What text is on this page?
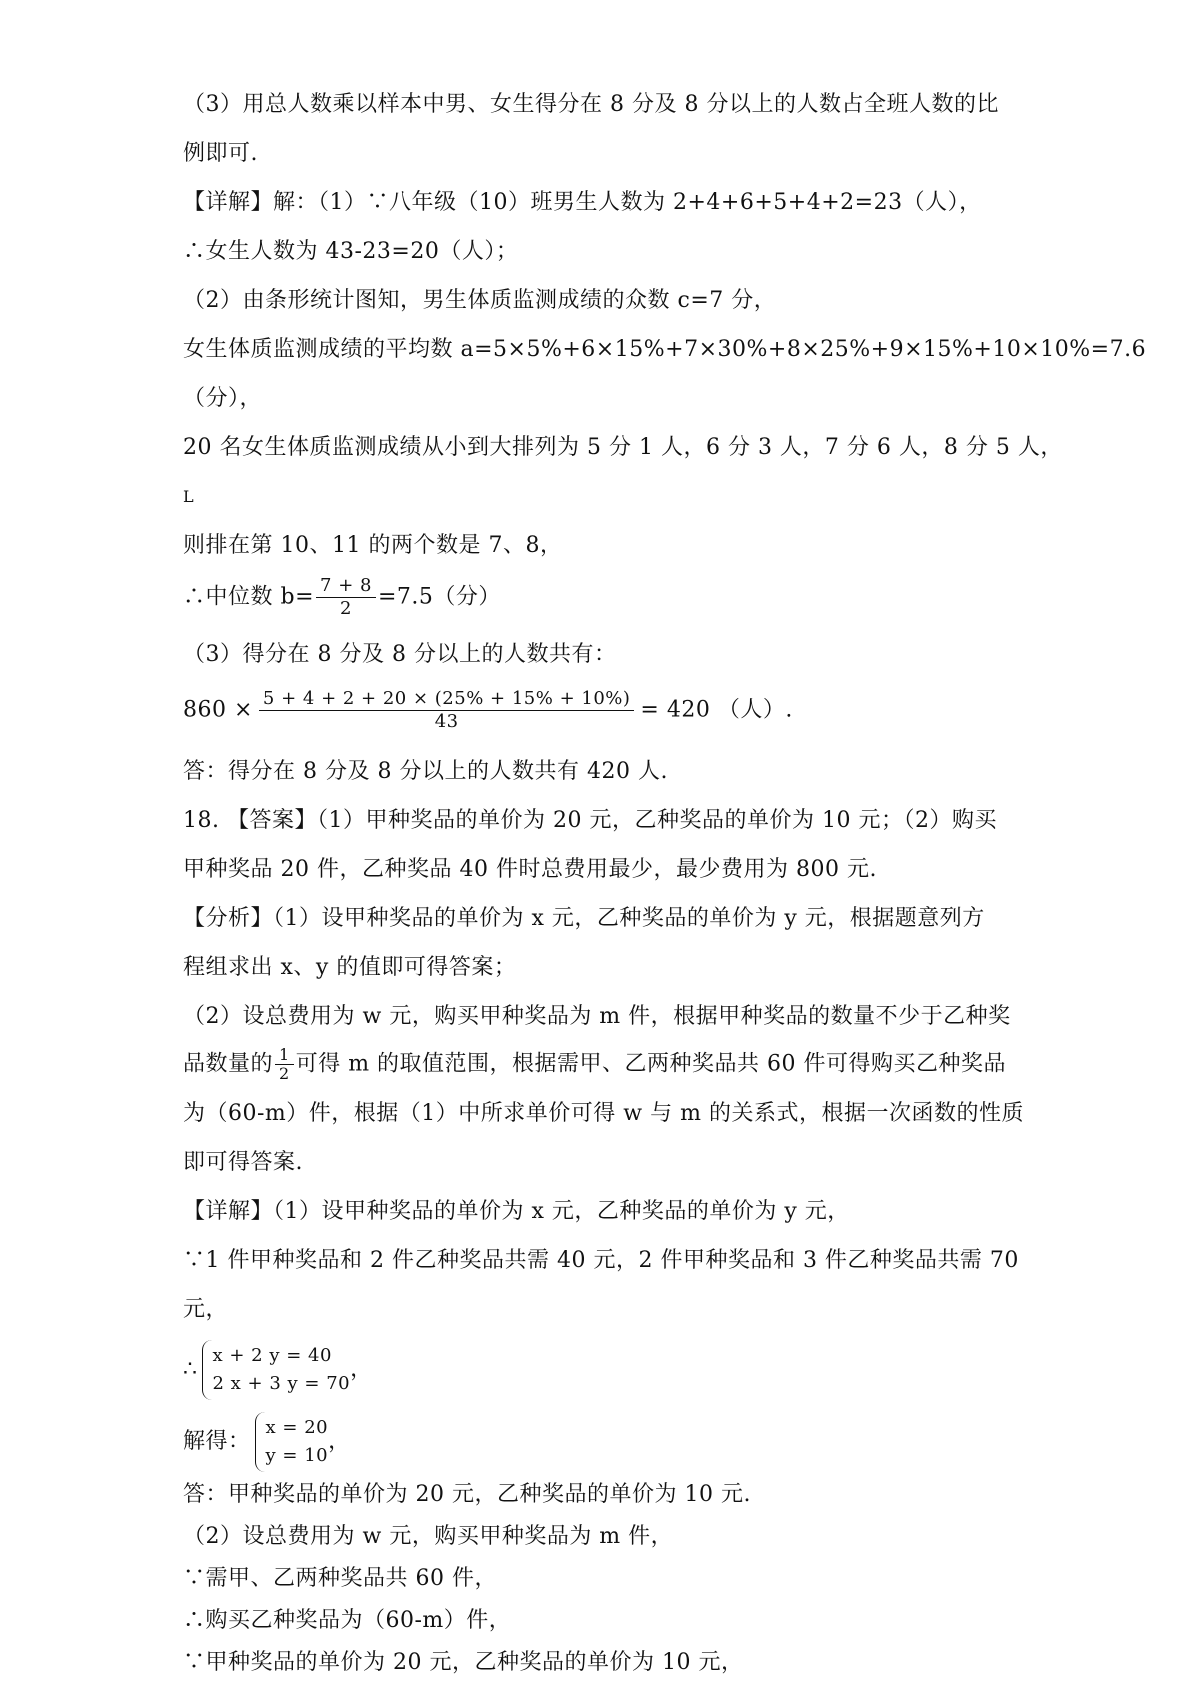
（3）用总人数乘以样本中男、女生得分在 8 分及 8 分以上的人数占全班人数的比
例即可.
【详解】解：（1）∵八年级（10）班男生人数为 2+4+6+5+4+2=23（人），
∴女生人数为 43-23=20（人）；
（2）由条形统计图知，男生体质监测成绩的众数 c=7 分，
女生体质监测成绩的平均数 a=5×5%+6×15%+7×30%+8×25%+9×15%+10×10%=7.6
（分），
20 名女生体质监测成绩从小到大排列为 5 分 1 人，6 分 3 人，7 分 6 人，8 分 5 人，
L
则排在第 10、11 的两个数是 7、8，
∴中位数 $b= \frac{7 + 8}{2} =7.5$（分）
（3）得分在 8 分及 8 分以上的人数共有：
$860 \times \frac{5 + 4 + 2 + 20 \times (25\% + 15\% + 10\%)}{43} = 420$ （人）.
答：得分在 8 分及 8 分以上的人数共有 420 人.
18. 【答案】（1）甲种奖品的单价为 20 元，乙种奖品的单价为 10 元；（2）购买
甲种奖品 20 件，乙种奖品 40 件时总费用最少，最少费用为 800 元.
【分析】（1）设甲种奖品的单价为 x 元，乙种奖品的单价为 y 元，根据题意列方
程组求出 x、y 的值即可得答案；
（2）设总费用为 w 元，购买甲种奖品为 m 件，根据甲种奖品的数量不少于乙种奖
品数量的 $\frac{1}{2}$ 可得 m 的取值范围，根据需甲、乙两种奖品共 60 件可得购买乙种奖品
为（60-m）件，根据（1）中所求单价可得 w 与 m 的关系式，根据一次函数的性质
即可得答案.
【详解】（1）设甲种奖品的单价为 x 元，乙种奖品的单价为 y 元，
∵1 件甲种奖品和 2 件乙种奖品共需 40 元，2 件甲种奖品和 3 件乙种奖品共需 70
元，
∴
x + 2 y = 40
2 x + 3 y = 70
，
解得：
x = 20
y = 10
，
答：甲种奖品的单价为 20 元，乙种奖品的单价为 10 元.
（2）设总费用为 w 元，购买甲种奖品为 m 件，
∵需甲、乙两种奖品共 60 件，
∴购买乙种奖品为（60-m）件，
∵甲种奖品的单价为 20 元，乙种奖品的单价为 10 元，
